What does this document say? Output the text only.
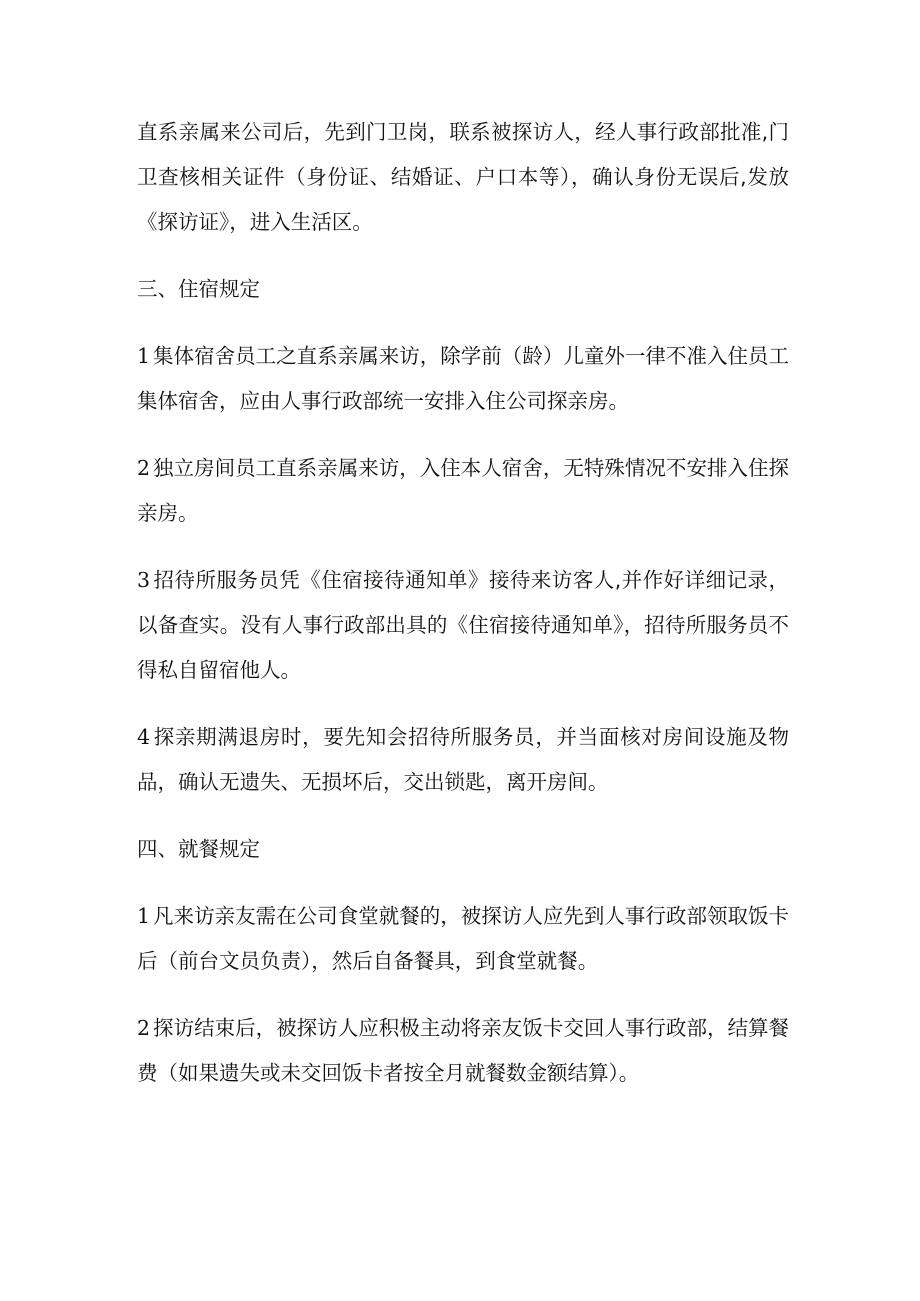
直系亲属来公司后，先到门卫岗，联系被探访人，经人事行政部批准,门卫查核相关证件（身份证、结婚证、户口本等），确认身份无误后,发放《探访证》，进入生活区。

三、住宿规定

1 集体宿舍员工之直系亲属来访，除学前（龄）儿童外一律不准入住员工集体宿舍，应由人事行政部统一安排入住公司探亲房。

2 独立房间员工直系亲属来访，入住本人宿舍，无特殊情况不安排入住探亲房。

3 招待所服务员凭《住宿接待通知单》接待来访客人,并作好详细记录，以备查实。没有人事行政部出具的《住宿接待通知单》，招待所服务员不得私自留宿他人。

4 探亲期满退房时，要先知会招待所服务员，并当面核对房间设施及物品，确认无遗失、无损坏后，交出锁匙，离开房间。

四、就餐规定

1 凡来访亲友需在公司食堂就餐的，被探访人应先到人事行政部领取饭卡后（前台文员负责），然后自备餐具，到食堂就餐。

2 探访结束后，被探访人应积极主动将亲友饭卡交回人事行政部，结算餐费（如果遗失或未交回饭卡者按全月就餐数金额结算）。
